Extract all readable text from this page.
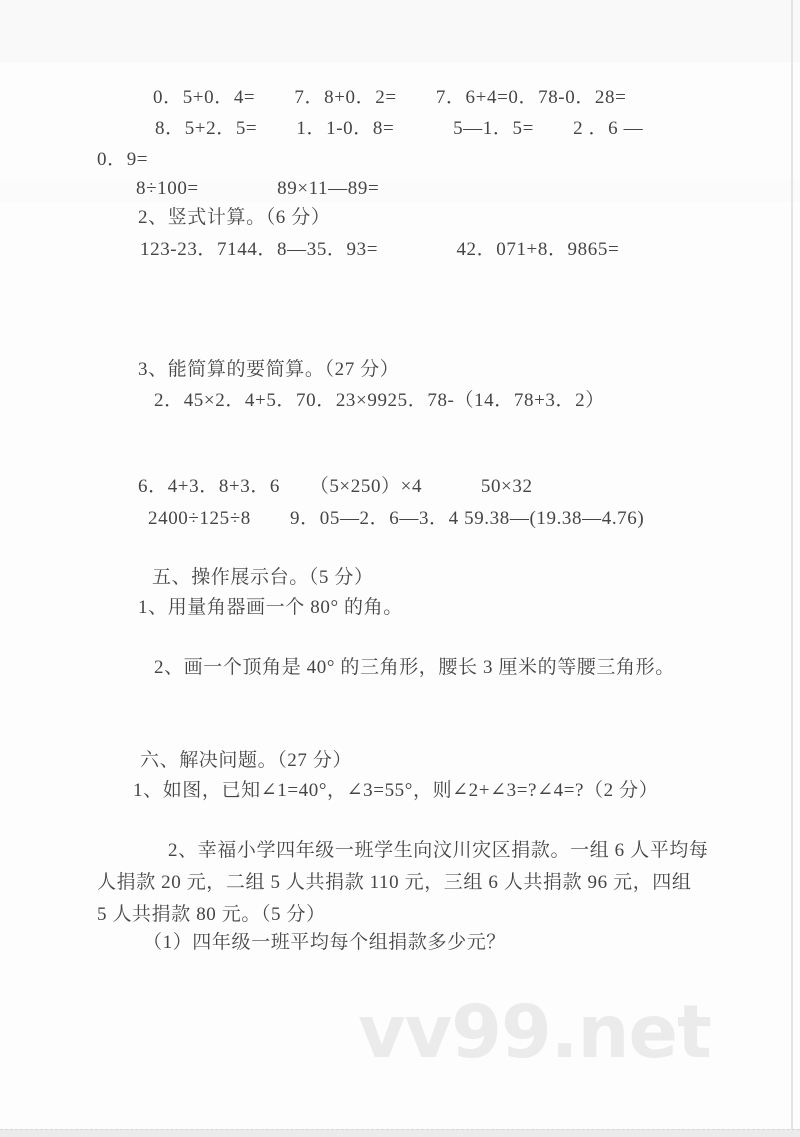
0．5+0．4=　　7．8+0．2=　　7．6+4=0．78-0．28=
8．5+2．5=　　1．1-0．8=　　　5—1．5=　　2 ．6 —
0．9=
8÷100=　　　　89×11—89=
2、竖式计算。（6 分）
123-23．7144．8—35．93=　　　　42．071+8．9865=
3、能简算的要简算。（27 分）
2．45×2．4+5．70．23×9925．78-（14．78+3．2）
6．4+3．8+3．6　　（5×250）×4　　　50×32
2400÷125÷8　　9．05—2．6—3．4 59.38—(19.38—4.76)
五、操作展示台。（5 分）
1、用量角器画一个 80° 的角。
2、画一个顶角是 40° 的三角形，腰长 3 厘米的等腰三角形。
六、解决问题。（27 分）
1、如图，已知∠1=40°，∠3=55°，则∠2+∠3=?∠4=?（2 分）
2、幸福小学四年级一班学生向汶川灾区捐款。一组 6 人平均每
人捐款 20 元，二组 5 人共捐款 110 元，三组 6 人共捐款 96 元，四组
5 人共捐款 80 元。（5 分）
（1）四年级一班平均每个组捐款多少元？
vv99.net
